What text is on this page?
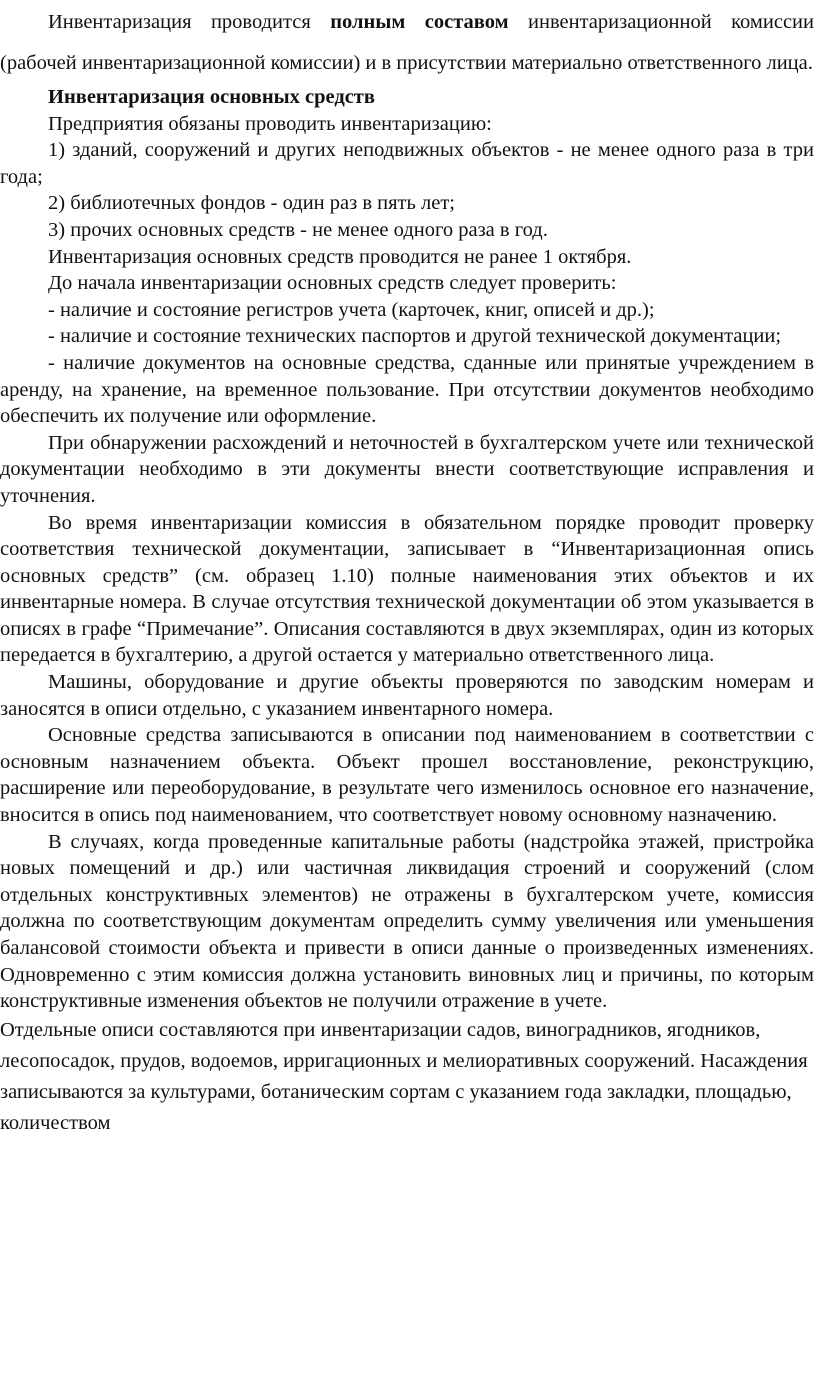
Инвентаризация проводится полным составом инвентаризационной комиссии (рабочей инвентаризационной комиссии) и в присутствии материально ответственного лица.

Инвентаризация основных средств

Предприятия обязаны проводить инвентаризацию:

1) зданий, сооружений и других неподвижных объектов - не менее одного раза в три года;

2) библиотечных фондов - один раз в пять лет;

3) прочих основных средств - не менее одного раза в год.

Инвентаризация основных средств проводится не ранее 1 октября.

До начала инвентаризации основных средств следует проверить:

- наличие и состояние регистров учета (карточек, книг, описей и др.);

- наличие и состояние технических паспортов и другой технической документации;

- наличие документов на основные средства, сданные или принятые учреждением в аренду, на хранение, на временное пользование. При отсутствии документов необходимо обеспечить их получение или оформление.

При обнаружении расхождений и неточностей в бухгалтерском учете или технической документации необходимо в эти документы внести соответствующие исправления и уточнения.

Во время инвентаризации комиссия в обязательном порядке проводит проверку соответствия технической документации, записывает в “Инвентаризационная опись основных средств” (см. образец 1.10) полные наименования этих объектов и их инвентарные номера. В случае отсутствия технической документации об этом указывается в описях в графе “Примечание”. Описания составляются в двух экземплярах, один из которых передается в бухгалтерию, а другой остается у материально ответственного лица.

Машины, оборудование и другие объекты проверяются по заводским номерам и заносятся в описи отдельно, с указанием инвентарного номера.

Основные средства записываются в описании под наименованием в соответствии с основным назначением объекта. Объект прошел восстановление, реконструкцию, расширение или переоборудование, в результате чего изменилось основное его назначение, вносится в опись под наименованием, что соответствует новому основному назначению.

В случаях, когда проведенные капитальные работы (надстройка этажей, пристройка новых помещений и др.) или частичная ликвидация строений и сооружений (слом отдельных конструктивных элементов) не отражены в бухгалтерском учете, комиссия должна по соответствующим документам определить сумму увеличения или уменьшения балансовой стоимости объекта и привести в описи данные о произведенных изменениях. Одновременно с этим комиссия должна установить виновных лиц и причины, по которым конструктивные изменения объектов не получили отражение в учете.

Отдельные описи составляются при инвентаризации садов, виноградников, ягодников, лесопосадок, прудов, водоемов, ирригационных и мелиоративных сооружений. Насаждения записываются за культурами, ботаническим сортам с указанием года закладки, площадью, количеством
